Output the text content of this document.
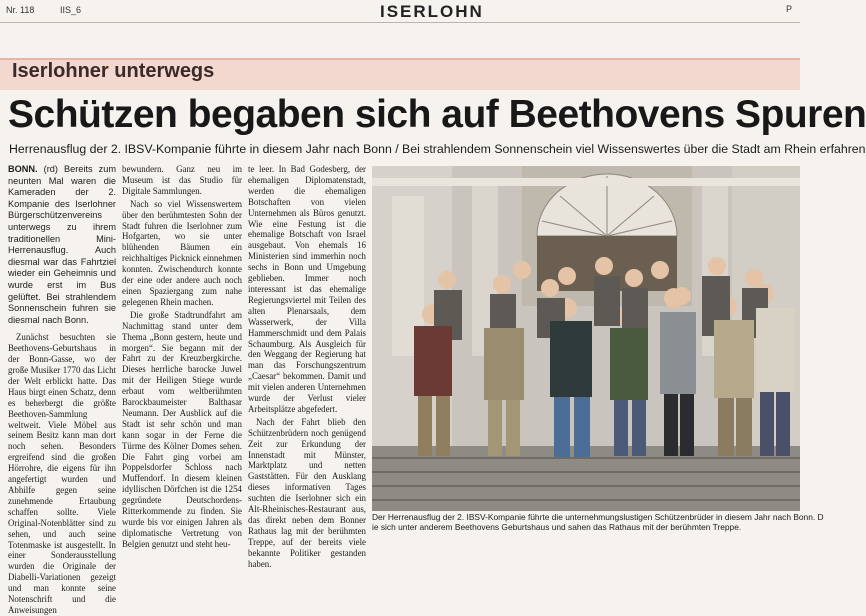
Nr. 118	IIS_6	ISERLOHN	P
Iserlohner unterwegs
Schützen begaben sich auf Beethovens Spuren
Herrenausflug der 2. IBSV-Kompanie führte in diesem Jahr nach Bonn / Bei strahlendem Sonnenschein viel Wissenswertes über die Stadt am Rhein erfahren

BONN. (rd) Bereits zum neunten Mal waren die Kameraden der 2. Kompanie des Iserlohner Bürgerschützenvereins unterwegs zu ihrem traditionellen Mini-Herrenausflug. Auch diesmal war das Fahrtziel wieder ein Geheimnis und wurde erst im Bus gelüftet. Bei strahlendem Sonnenschein fuhren sie diesmal nach Bonn.

Zunächst besuchten sie Beethovens-Geburtshaus in der Bonn-Gasse, wo der große Musiker 1770 das Licht der Welt erblickt hatte. Das Haus birgt einen Schatz, denn es beherbergt die größte Beethoven-Sammlung weltweit. Viele Möbel aus seinem Besitz kann man dort noch sehen. Besonders ergreifend sind die großen Hörrohre, die eigens für ihn angefertigt wurden und Abhilfe gegen seine zunehmende Ertaubung schaffen sollte. Viele Original-Notenblätter sind zu sehen, und auch seine Totenmaske ist ausgestellt. In einer Sonderausstellung wurden die Originale der Diabelli-Variationen gezeigt und man konnte seine Notenschrift und die Anweisungen

bewundern. Ganz neu im Museum ist das Studio für Digitale Sammlungen.

Nach so viel Wissenswertem über den berühmtesten Sohn der Stadt fuhren die Iserlohner zum Hofgarten, wo sie unter blühenden Bäumen ein reichhaltiges Picknick einnehmen konnten. Zwischendurch konnte der eine oder andere auch noch einen Spaziergang zum nahe gelegenen Rhein machen.

Die große Stadtrundfahrt am Nachmittag stand unter dem Thema „Bonn gestern, heute und morgen“. Sie begann mit der Fahrt zu der Kreuzbergkirche. Dieses herrliche barocke Juwel mit der Heiligen Stiege wurde erbaut vom weltberühmten Barockbaumeister Balthasar Neumann. Der Ausblick auf die Stadt ist sehr schön und man kann sogar in der Ferne die Türme des Kölner Domes sehen. Die Fahrt ging vorbei am Poppelsdorfer Schloss nach Muffendorf. In diesem kleinen idyllischen Dörfchen ist die 1254 gegründete Deutschordens-Ritterkommende zu finden. Sie wurde bis vor einigen Jahren als diplomatische Vertretung von Belgien genutzt und steht heu-

te leer. In Bad Godesberg, der ehemaligen Diplomatenstadt, werden die ehemaligen Botschaften von vielen Unternehmen als Büros genutzt. Wie eine Festung ist die ehemalige Botschaft von Israel ausgebaut. Von ehemals 16 Ministerien sind immerhin noch sechs in Bonn und Umgebung geblieben. Immer noch interessant ist das ehemalige Regierungsviertel mit Teilen des alten Plenarsaals, dem Wasserwerk, der Villa Hammerschmidt und dem Palais Schaumburg. Als Ausgleich für den Weggang der Regierung hat man das Forschungszentrum „Caesar“ bekommen. Damit und mit vielen anderen Unternehmen wurde der Verlust vieler Arbeitsplätze abgefedert.

Nach der Fahrt blieb den Schützenbrüdern noch genügend Zeit zur Erkundung der Innenstadt mit Münster, Marktplatz und netten Gaststätten. Für den Ausklang dieses informativen Tages suchten die Iserlohner sich ein Alt-Rheinisches-Restaurant aus, das direkt neben dem Bonner Rathaus lag mit der berühmten Treppe, auf der bereits viele bekannte Politiker gestanden haben.

Der Herrenausflug der 2. IBSV-Kompanie führte die unternehmungslustigen Schützenbrüder in diesem Jahr nach Bonn. D
ie sich unter anderem Beethovens Geburtshaus und sahen das Rathaus mit der berühmten Treppe.
